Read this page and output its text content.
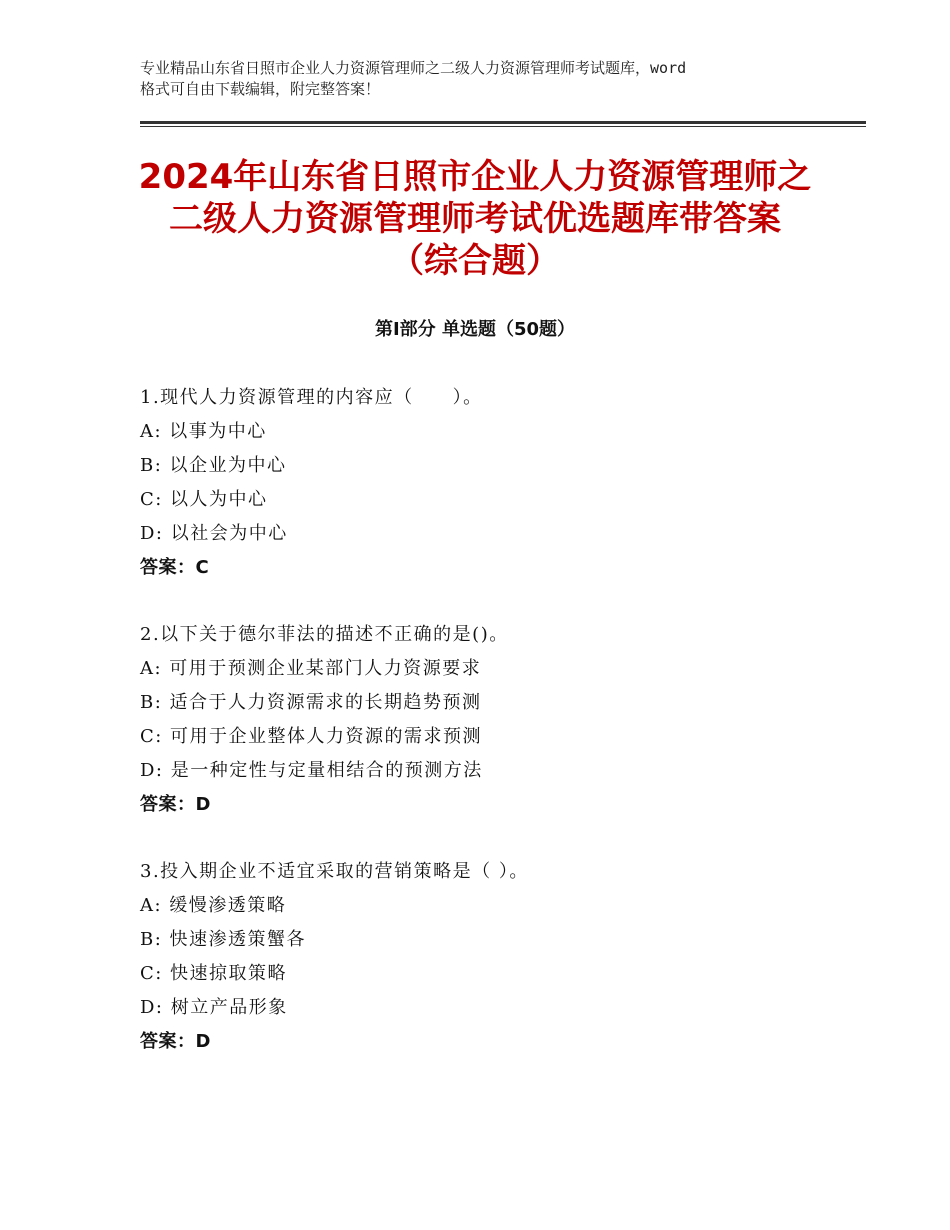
专业精品山东省日照市企业人力资源管理师之二级人力资源管理师考试题库，word
格式可自由下载编辑，附完整答案！
2024年山东省日照市企业人力资源管理师之
二级人力资源管理师考试优选题库带答案
（综合题）
第Ⅰ部分 单选题（50题）
1.现代人力资源管理的内容应（　　）。
A: 以事为中心
B: 以企业为中心
C: 以人为中心
D: 以社会为中心
答案：C
2.以下关于德尔菲法的描述不正确的是()。
A: 可用于预测企业某部门人力资源要求
B: 适合于人力资源需求的长期趋势预测
C: 可用于企业整体人力资源的需求预测
D: 是一种定性与定量相结合的预测方法
答案：D
3.投入期企业不适宜采取的营销策略是（ ）。
A: 缓慢渗透策略
B: 快速渗透策蟹各
C: 快速掠取策略
D: 树立产品形象
答案：D
